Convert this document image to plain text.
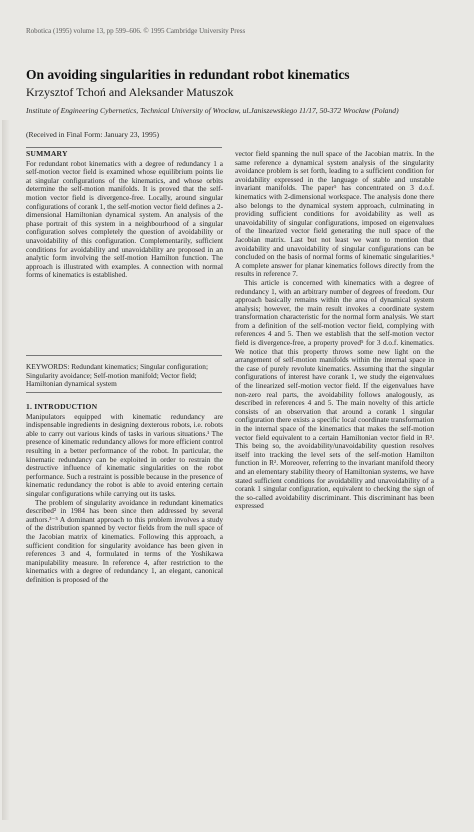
Robotica (1995) volume 13, pp 599–606. © 1995 Cambridge University Press
On avoiding singularities in redundant robot kinematics
Krzysztof Tchoń and Aleksander Matuszok
Institute of Engineering Cybernetics, Technical University of Wrocław, ul.Janiszewskiego 11/17, 50-372 Wrocław (Poland)
(Received in Final Form: January 23, 1995)
SUMMARY

For redundant robot kinematics with a degree of redundancy 1 a self-motion vector field is examined whose equilibrium points lie at singular configurations of the kinematics, and whose orbits determine the self-motion manifolds. It is proved that the self-motion vector field is divergence-free. Locally, around singular configurations of corank 1, the self-motion vector field defines a 2-dimensional Hamiltonian dynamical system. An analysis of the phase portrait of this system in a neighbourhood of a singular configuration solves completely the question of avoidability or unavoidability of this configuration. Complementarily, sufficient conditions for avoidability and unavoidability are proposed in an analytic form involving the self-motion Hamilton function. The approach is illustrated with examples. A connection with normal forms of kinematics is established.

KEYWORDS: Redundant kinematics; Singular configuration; Singularity avoidance; Self-motion manifold; Vector field; Hamiltonian dynamical system
1. INTRODUCTION

Manipulators equipped with kinematic redundancy are indispensable ingredients in designing dexterous robots, i.e. robots able to carry out various kinds of tasks in various situations.¹ The presence of kinematic redundancy allows for more efficient control resulting in a better performance of the robot. In particular, the kinematic redundancy can be exploited in order to restrain the destructive influence of kinematic singularities on the robot performance. Such a restraint is possible because in the presence of kinematic redundancy the robot is able to avoid entering certain singular configurations while carrying out its tasks.

The problem of singularity avoidance in redundant kinematics described² in 1984 has been since then addressed by several authors.³⁻⁵ A dominant approach to this problem involves a study of the distribution spanned by vector fields from the null space of the Jacobian matrix of kinematics. Following this approach, a sufficient condition for singularity avoidance has been given in references 3 and 4, formulated in terms of the Yoshikawa manipulability measure. In reference 4, after restriction to the kinematics with a degree of redundancy 1, an elegant, canonical definition is proposed of the

vector field spanning the null space of the Jacobian matrix. In the same reference a dynamical system analysis of the singularity avoidance problem is set forth, leading to a sufficient condition for avoidability expressed in the language of stable and unstable invariant manifolds. The paper⁵ has concentrated on 3 d.o.f. kinematics with 2-dimensional workspace. The analysis done there also belongs to the dynamical system approach, culminating in providing sufficient conditions for avoidability as well as unavoidability of singular configurations, imposed on eigenvalues of the linearized vector field generating the null space of the Jacobian matrix. Last but not least we want to mention that avoidability and unavoidability of singular configurations can be concluded on the basis of normal forms of kinematic singularities.⁶ A complete answer for planar kinematics follows directly from the results in reference 7.

This article is concerned with kinematics with a degree of redundancy 1, with an arbitrary number of degrees of freedom. Our approach basically remains within the area of dynamical system analysis; however, the main result invokes a coordinate system transformation characteristic for the normal form analysis. We start from a definition of the self-motion vector field, complying with references 4 and 5. Then we establish that the self-motion vector field is divergence-free, a property proved⁵ for 3 d.o.f. kinematics. We notice that this property throws some new light on the arrangement of self-motion manifolds within the internal space in the case of purely revolute kinematics. Assuming that the singular configurations of interest have corank 1, we study the eigenvalues of the linearized self-motion vector field. If the eigenvalues have non-zero real parts, the avoidability follows analogously, as described in references 4 and 5. The main novelty of this article consists of an observation that around a corank 1 singular configuration there exists a specific local coordinate transformation in the internal space of the kinematics that makes the self-motion vector field equivalent to a certain Hamiltonian vector field in R². This being so, the avoidability/unavoidability question resolves itself into tracking the level sets of the self-motion Hamilton function in R². Moreover, referring to the invariant manifold theory and an elementary stability theory of Hamiltonian systems, we have stated sufficient conditions for avoidability and unavoidability of a corank 1 singular configuration, equivalent to checking the sign of the so-called avoidability discriminant. This discriminant has been expressed
